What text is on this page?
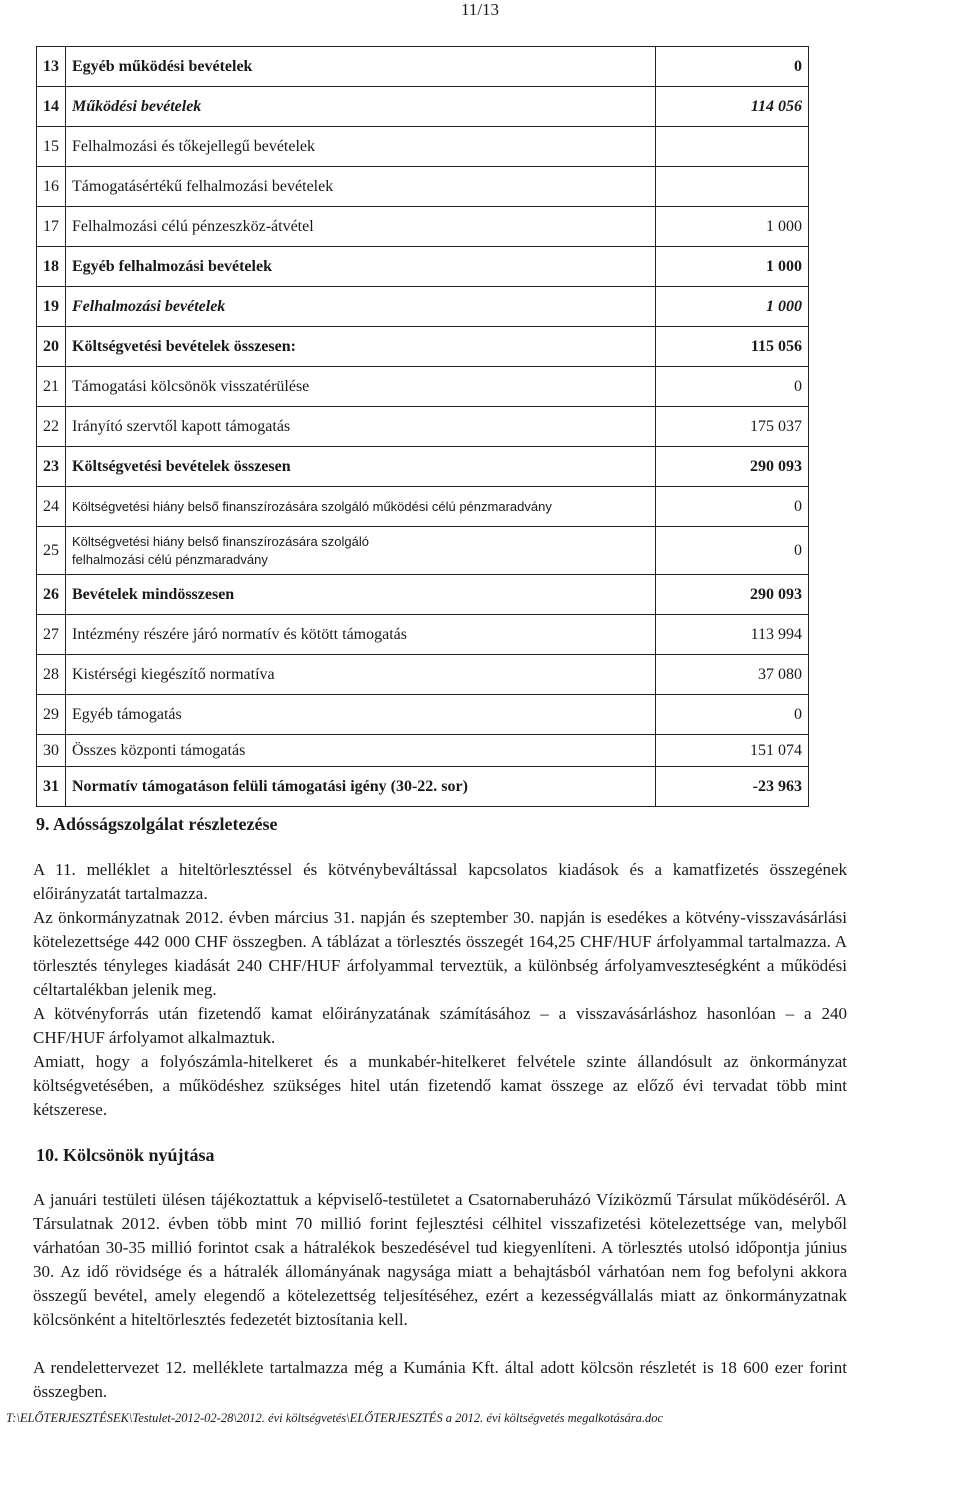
11/13
13	Egyéb működési bevételek	0
14	Működési bevételek	114 056
15	Felhalmozási és tőkejellegű bevételek	
16	Támogatásértékű felhalmozási bevételek	
17	Felhalmozási célú pénzeszköz-átvétel	1 000
18	Egyéb felhalmozási bevételek	1 000
19	Felhalmozási bevételek	1 000
20	Költségvetési bevételek összesen:	115 056
21	Támogatási kölcsönök visszatérülése	0
22	Irányító szervtől kapott támogatás	175 037
23	Költségvetési bevételek összesen	290 093
24	Költségvetési hiány belső finanszírozására szolgáló működési célú pénzmaradvány	0
25	Költségvetési hiány belső finanszírozására szolgáló felhalmozási célú pénzmaradvány	0
26	Bevételek mindösszesen	290 093
27	Intézmény részére járó normatív és kötött támogatás	113 994
28	Kistérségi kiegészítő normatíva	37 080
29	Egyéb támogatás	0
30	Összes központi támogatás	151 074
31	Normatív támogatáson felüli támogatási igény (30-22. sor)	-23 963
9. Adósságszolgálat részletezése
A 11. melléklet a hiteltörlesztéssel és kötvénybeváltással kapcsolatos kiadások és a kamatfizetés összegének előirányzatát tartalmazza.
Az önkormányzatnak 2012. évben március 31. napján és szeptember 30. napján is esedékes a kötvény-visszavásárlási kötelezettsége 442 000 CHF összegben. A táblázat a törlesztés összegét 164,25 CHF/HUF árfolyammal tartalmazza. A törlesztés tényleges kiadását 240 CHF/HUF árfolyammal terveztük, a különbség árfolyamveszteségként a működési céltartalékban jelenik meg.
A kötvényforrás után fizetendő kamat előirányzatának számításához – a visszavásárláshoz hasonlóan – a 240 CHF/HUF árfolyamot alkalmaztuk.
Amiatt, hogy a folyószámla-hitelkeret és a munkabér-hitelkeret felvétele szinte állandósult az önkormányzat költségvetésében, a működéshez szükséges hitel után fizetendő kamat összege az előző évi tervadat több mint kétszerese.
10. Kölcsönök nyújtása
A januári testületi ülésen tájékoztattuk a képviselő-testületet a Csatornaberuházó Víziközmű Társulat működéséről. A Társulatnak 2012. évben több mint 70 millió forint fejlesztési célhitel visszafizetési kötelezettsége van, melyből várhatóan 30-35 millió forintot csak a hátralékok beszedésével tud kiegyenlíteni. A törlesztés utolsó időpontja június 30. Az idő rövidsége és a hátralék állományának nagysága miatt a behajtásból várhatóan nem fog befolyni akkora összegű bevétel, amely elegendő a kötelezettség teljesítéséhez, ezért a kezességvállalás miatt az önkormányzatnak kölcsönként a hiteltörlesztés fedezetét biztosítania kell.
A rendelettervezet 12. melléklete tartalmazza még a Kumánia Kft. által adott kölcsön részletét is 18 600 ezer forint összegben.
T:\ELŐTERJESZTÉSEK\Testulet-2012-02-28\2012. évi költségvetés\ELŐTERJESZTÉS a 2012. évi költségvetés megalkotására.doc
